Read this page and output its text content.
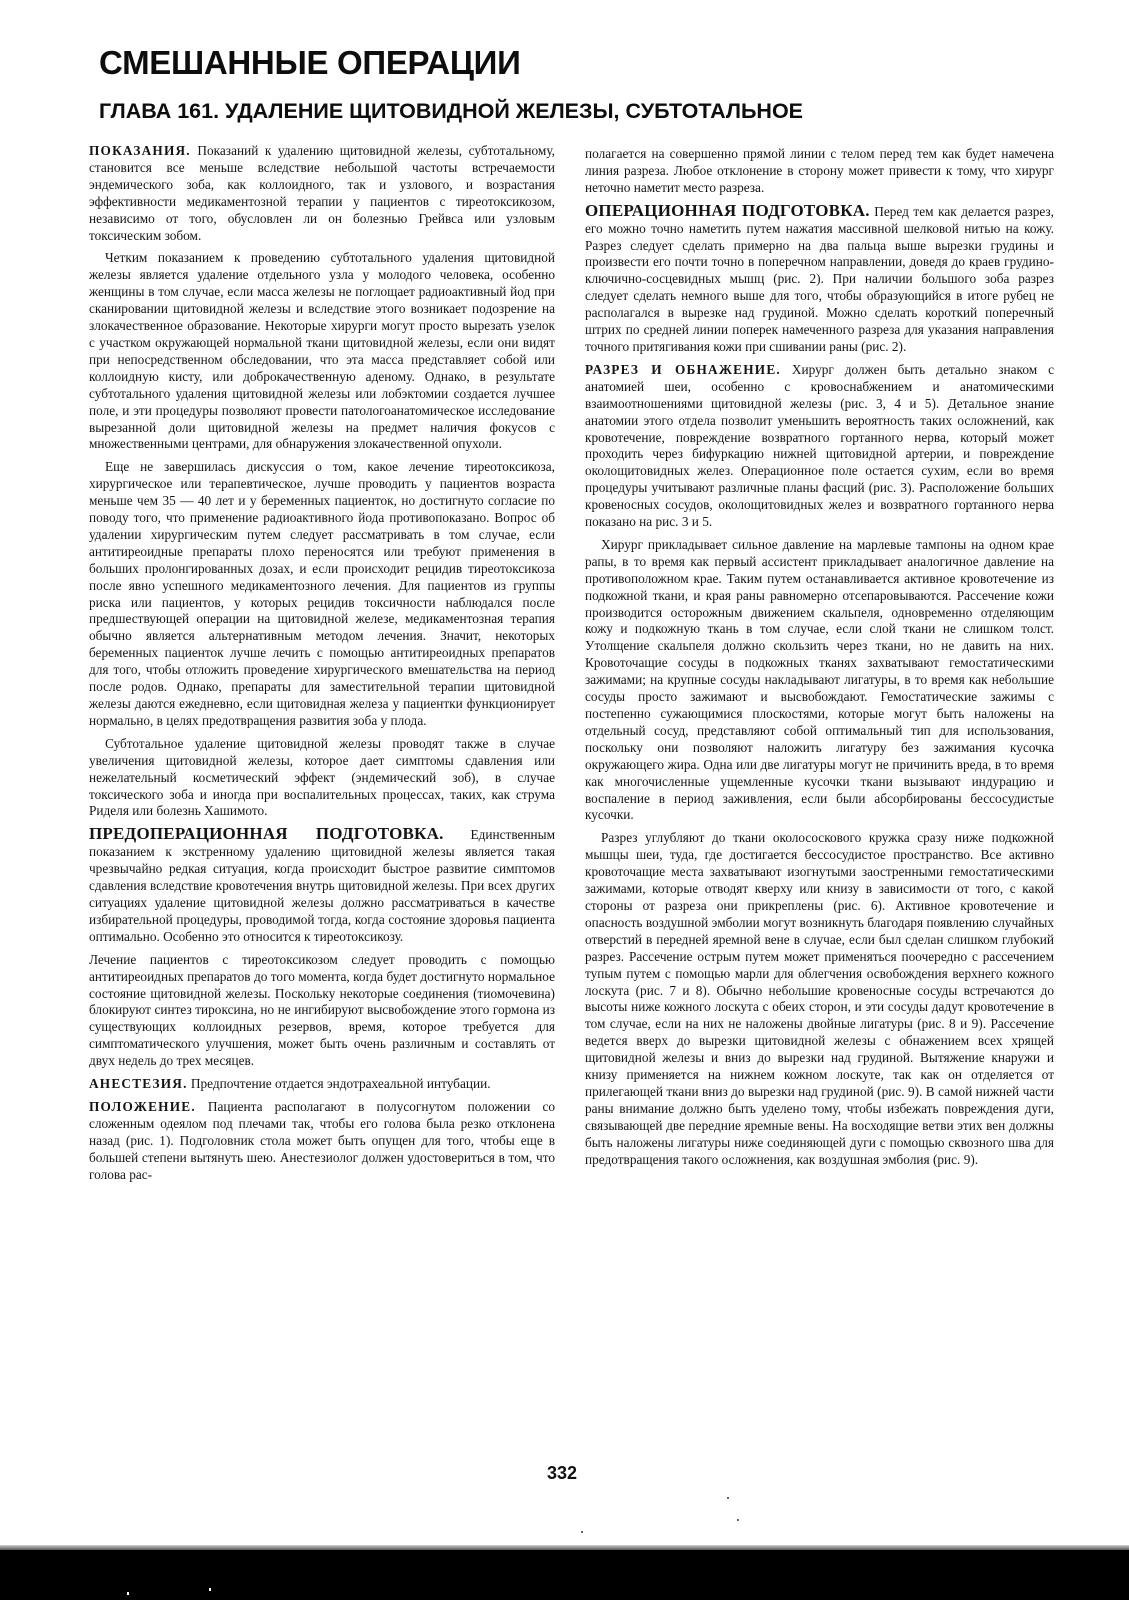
СМЕШАННЫЕ ОПЕРАЦИИ
ГЛАВА 161. УДАЛЕНИЕ ЩИТОВИДНОЙ ЖЕЛЕЗЫ, СУБТОТАЛЬНОЕ

ПОКАЗАНИЯ. Показаний к удалению щитовидной железы, субтотальному, становится все меньше вследствие небольшой частоты встречаемости эндемического зоба, как коллоидного, так и узлового, и возрастания эффективности медикаментозной терапии у пациентов с тиреотоксикозом, независимо от того, обусловлен ли он болезнью Грейвса или узловым токсическим зобом.

Четким показанием к проведению субтотального удаления щитовидной железы является удаление отдельного узла у молодого человека, особенно женщины в том случае, если масса железы не поглощает радиоактивный йод при сканировании щитовидной железы и вследствие этого возникает подозрение на злокачественное образование. Некоторые хирурги могут просто вырезать узелок с участком окружающей нормальной ткани щитовидной железы, если они видят при непосредственном обследовании, что эта масса представляет собой или коллоидную кисту, или доброкачественную аденому. Однако, в результате субтотального удаления щитовидной железы или лобэктомии создается лучшее поле, и эти процедуры позволяют провести патологоанатомическое исследование вырезанной доли щитовидной железы на предмет наличия фокусов с множественными центрами, для обнаружения злокачественной опухоли.

Еще не завершилась дискуссия о том, какое лечение тиреотоксикоза, хирургическое или терапевтическое, лучше проводить у пациентов возраста меньше чем 35 — 40 лет и у беременных пациенток, но достигнуто согласие по поводу того, что применение радиоактивного йода противопоказано. Вопрос об удалении хирургическим путем следует рассматривать в том случае, если антитиреоидные препараты плохо переносятся или требуют применения в больших пролонгированных дозах, и если происходит рецидив тиреотоксикоза после явно успешного медикаментозного лечения. Для пациентов из группы риска или пациентов, у которых рецидив токсичности наблюдался после предшествующей операции на щитовидной железе, медикаментозная терапия обычно является альтернативным методом лечения. Значит, некоторых беременных пациенток лучше лечить с помощью антитиреоидных препаратов для того, чтобы отложить проведение хирургического вмешательства на период после родов. Однако, препараты для заместительной терапии щитовидной железы даются ежедневно, если щитовидная железа у пациентки функционирует нормально, в целях предотвращения развития зоба у плода.

Субтотальное удаление щитовидной железы проводят также в случае увеличения щитовидной железы, которое дает симптомы сдавления или нежелательный косметический эффект (эндемический зоб), в случае токсического зоба и иногда при воспалительных процессах, таких, как струма Риделя или болезнь Хашимото.

ПРЕДОПЕРАЦИОННАЯ ПОДГОТОВКА. Единственным показанием к экстренному удалению щитовидной железы является такая чрезвычайно редкая ситуация, когда происходит быстрое развитие симптомов сдавления вследствие кровотечения внутрь щитовидной железы. При всех других ситуациях удаление щитовидной железы должно рассматриваться в качестве избирательной процедуры, проводимой тогда, когда состояние здоровья пациента оптимально. Особенно это относится к тиреотоксикозу.

Лечение пациентов с тиреотоксикозом следует проводить с помощью антитиреоидных препаратов до того момента, когда будет достигнуто нормальное состояние щитовидной железы. Поскольку некоторые соединения (тиомочевина) блокируют синтез тироксина, но не ингибируют высвобождение этого гормона из существующих коллоидных резервов, время, которое требуется для симптоматического улучшения, может быть очень различным и составлять от двух недель до трех месяцев.

АНЕСТЕЗИЯ. Предпочтение отдается эндотрахеальной интубации.

ПОЛОЖЕНИЕ. Пациента располагают в полусогнутом положении со сложенным одеялом под плечами так, чтобы его голова была резко отклонена назад (рис. 1). Подголовник стола может быть опущен для того, чтобы еще в большей степени вытянуть шею. Анестезиолог должен удостовериться в том, что голова рас-

полагается на совершенно прямой линии с телом перед тем как будет намечена линия разреза. Любое отклонение в сторону может привести к тому, что хирург неточно наметит место разреза.

ОПЕРАЦИОННАЯ ПОДГОТОВКА. Перед тем как делается разрез, его можно точно наметить путем нажатия массивной шелковой нитью на кожу. Разрез следует сделать примерно на два пальца выше вырезки грудины и произвести его почти точно в поперечном направлении, доведя до краев грудино-ключично-сосцевидных мышц (рис. 2). При наличии большого зоба разрез следует сделать немного выше для того, чтобы образующийся в итоге рубец не располагался в вырезке над грудиной. Можно сделать короткий поперечный штрих по средней линии поперек намеченного разреза для указания направления точного притягивания кожи при сшивании раны (рис. 2).

РАЗРЕЗ И ОБНАЖЕНИЕ. Хирург должен быть детально знаком с анатомией шеи, особенно с кровоснабжением и анатомическими взаимоотношениями щитовидной железы (рис. 3, 4 и 5). Детальное знание анатомии этого отдела позволит уменьшить вероятность таких осложнений, как кровотечение, повреждение возвратного гортанного нерва, который может проходить через бифуркацию нижней щитовидной артерии, и повреждение околощитовидных желез. Операционное поле остается сухим, если во время процедуры учитывают различные планы фасций (рис. 3). Расположение больших кровеносных сосудов, околощитовидных желез и возвратного гортанного нерва показано на рис. 3 и 5.

Хирург прикладывает сильное давление на марлевые тампоны на одном крае рапы, в то время как первый ассистент прикладывает аналогичное давление на противоположном крае. Таким путем останавливается активное кровотечение из подкожной ткани, и края раны равномерно отсепаровываются. Рассечение кожи производится осторожным движением скальпеля, одновременно отделяющим кожу и подкожную ткань в том случае, если слой ткани не слишком толст. Утолщение скальпеля должно скользить через ткани, но не давить на них. Кровоточащие сосуды в подкожных тканях захватывают гемостатическими зажимами; на крупные сосуды накладывают лигатуры, в то время как небольшие сосуды просто зажимают и высвобождают. Гемостатические зажимы с постепенно сужающимися плоскостями, которые могут быть наложены на отдельный сосуд, представляют собой оптимальный тип для использования, поскольку они позволяют наложить лигатуру без зажимания кусочка окружающего жира. Одна или две лигатуры могут не причинить вреда, в то время как многочисленные ущемленные кусочки ткани вызывают индурацию и воспаление в период заживления, если были абсорбированы бессосудистые кусочки.

Разрез углубляют до ткани околососкового кружка сразу ниже подкожной мышцы шеи, туда, где достигается бессосудистое пространство. Все активно кровоточащие места захватывают изогнутыми заостренными гемостатическими зажимами, которые отводят кверху или книзу в зависимости от того, с какой стороны от разреза они прикреплены (рис. 6). Активное кровотечение и опасность воздушной эмболии могут возникнуть благодаря появлению случайных отверстий в передней яремной вене в случае, если был сделан слишком глубокий разрез. Рассечение острым путем может применяться поочередно с рассечением тупым путем с помощью марли для облегчения освобождения верхнего кожного лоскута (рис. 7 и 8). Обычно небольшие кровеносные сосуды встречаются до высоты ниже кожного лоскута с обеих сторон, и эти сосуды дадут кровотечение в том случае, если на них не наложены двойные лигатуры (рис. 8 и 9). Рассечение ведется вверх до вырезки щитовидной железы с обнажением всех хрящей щитовидной железы и вниз до вырезки над грудиной. Вытяжение кнаружи и книзу применяется на нижнем кожном лоскуте, так как он отделяется от прилегающей ткани вниз до вырезки над грудиной (рис. 9). В самой нижней части раны внимание должно быть уделено тому, чтобы избежать повреждения дуги, связывающей две передние яремные вены. На восходящие ветви этих вен должны быть наложены лигатуры ниже соединяющей дуги с помощью сквозного шва для предотвращения такого осложнения, как воздушная эмболия (рис. 9).

332
